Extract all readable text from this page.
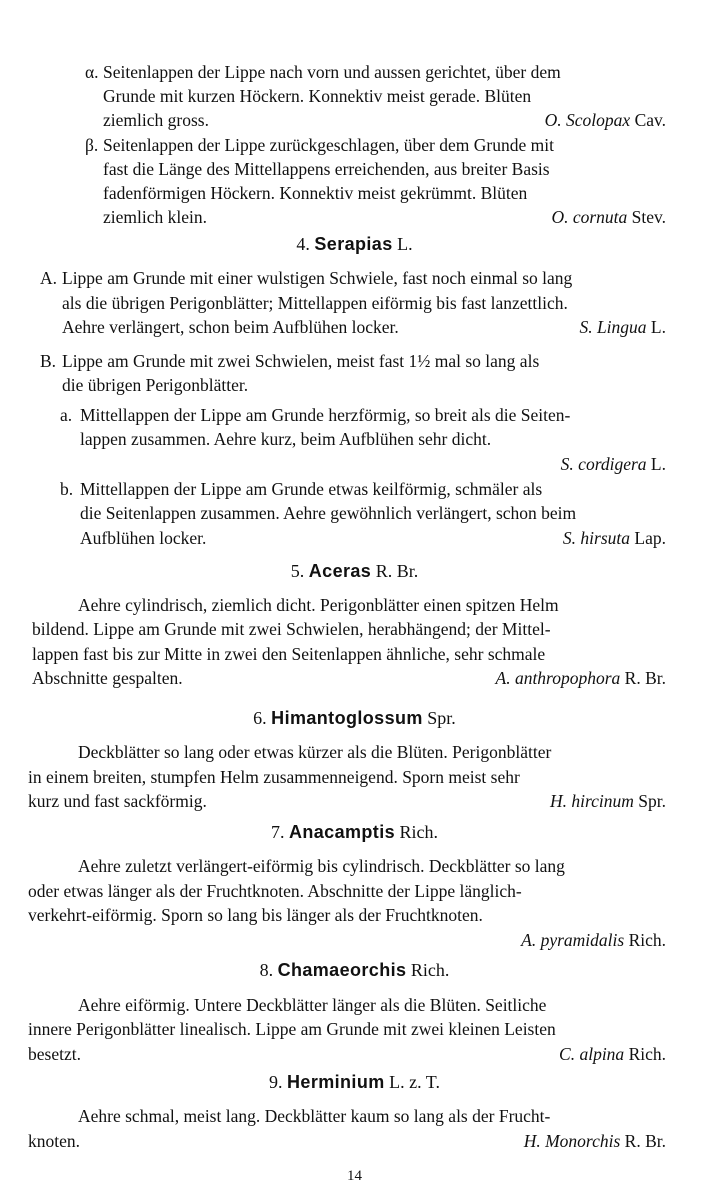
α. Seitenlappen der Lippe nach vorn und aussen gerichtet, über dem
Grunde mit kurzen Höckern. Konnektiv meist gerade. Blüten
ziemlich gross.	O. Scolopax Cav.
β. Seitenlappen der Lippe zurückgeschlagen, über dem Grunde mit
fast die Länge des Mittellappens erreichenden, aus breiter Basis
fadenförmigen Höckern. Konnektiv meist gekrümmt. Blüten
ziemlich klein.	O. cornuta Stev.
4. Serapias L.
A. Lippe am Grunde mit einer wulstigen Schwiele, fast noch einmal so lang
als die übrigen Perigonblätter; Mittellappen eiförmig bis fast lanzettlich.
Aehre verlängert, schon beim Aufblühen locker.	S. Lingua L.
B. Lippe am Grunde mit zwei Schwielen, meist fast 1½ mal so lang als
die übrigen Perigonblätter.
a. Mittellappen der Lippe am Grunde herzförmig, so breit als die Seiten-
lappen zusammen. Aehre kurz, beim Aufblühen sehr dicht.
S. cordigera L.
b. Mittellappen der Lippe am Grunde etwas keilförmig, schmäler als
die Seitenlappen zusammen. Aehre gewöhnlich verlängert, schon beim
Aufblühen locker.	S. hirsuta Lap.
5. Aceras R. Br.
Aehre cylindrisch, ziemlich dicht. Perigonblätter einen spitzen Helm
bildend. Lippe am Grunde mit zwei Schwielen, herabhängend; der Mittel-
lappen fast bis zur Mitte in zwei den Seitenlappen ähnliche, sehr schmale
Abschnitte gespalten.	A. anthropophora R. Br.
6. Himantoglossum Spr.
Deckblätter so lang oder etwas kürzer als die Blüten. Perigonblätter
in einem breiten, stumpfen Helm zusammenneigend. Sporn meist sehr
kurz und fast sackförmig.	H. hircinum Spr.
7. Anacamptis Rich.
Aehre zuletzt verlängert-eiförmig bis cylindrisch. Deckblätter so lang
oder etwas länger als der Fruchtknoten. Abschnitte der Lippe länglich-
verkehrt-eiförmig. Sporn so lang bis länger als der Fruchtknoten.
A. pyramidalis Rich.
8. Chamaeorchis Rich.
Aehre eiförmig. Untere Deckblätter länger als die Blüten. Seitliche
innere Perigonblätter linealisch. Lippe am Grunde mit zwei kleinen Leisten
besetzt.	C. alpina Rich.
9. Herminium L. z. T.
Aehre schmal, meist lang. Deckblätter kaum so lang als der Frucht-
knoten.	H. Monorchis R. Br.
14
